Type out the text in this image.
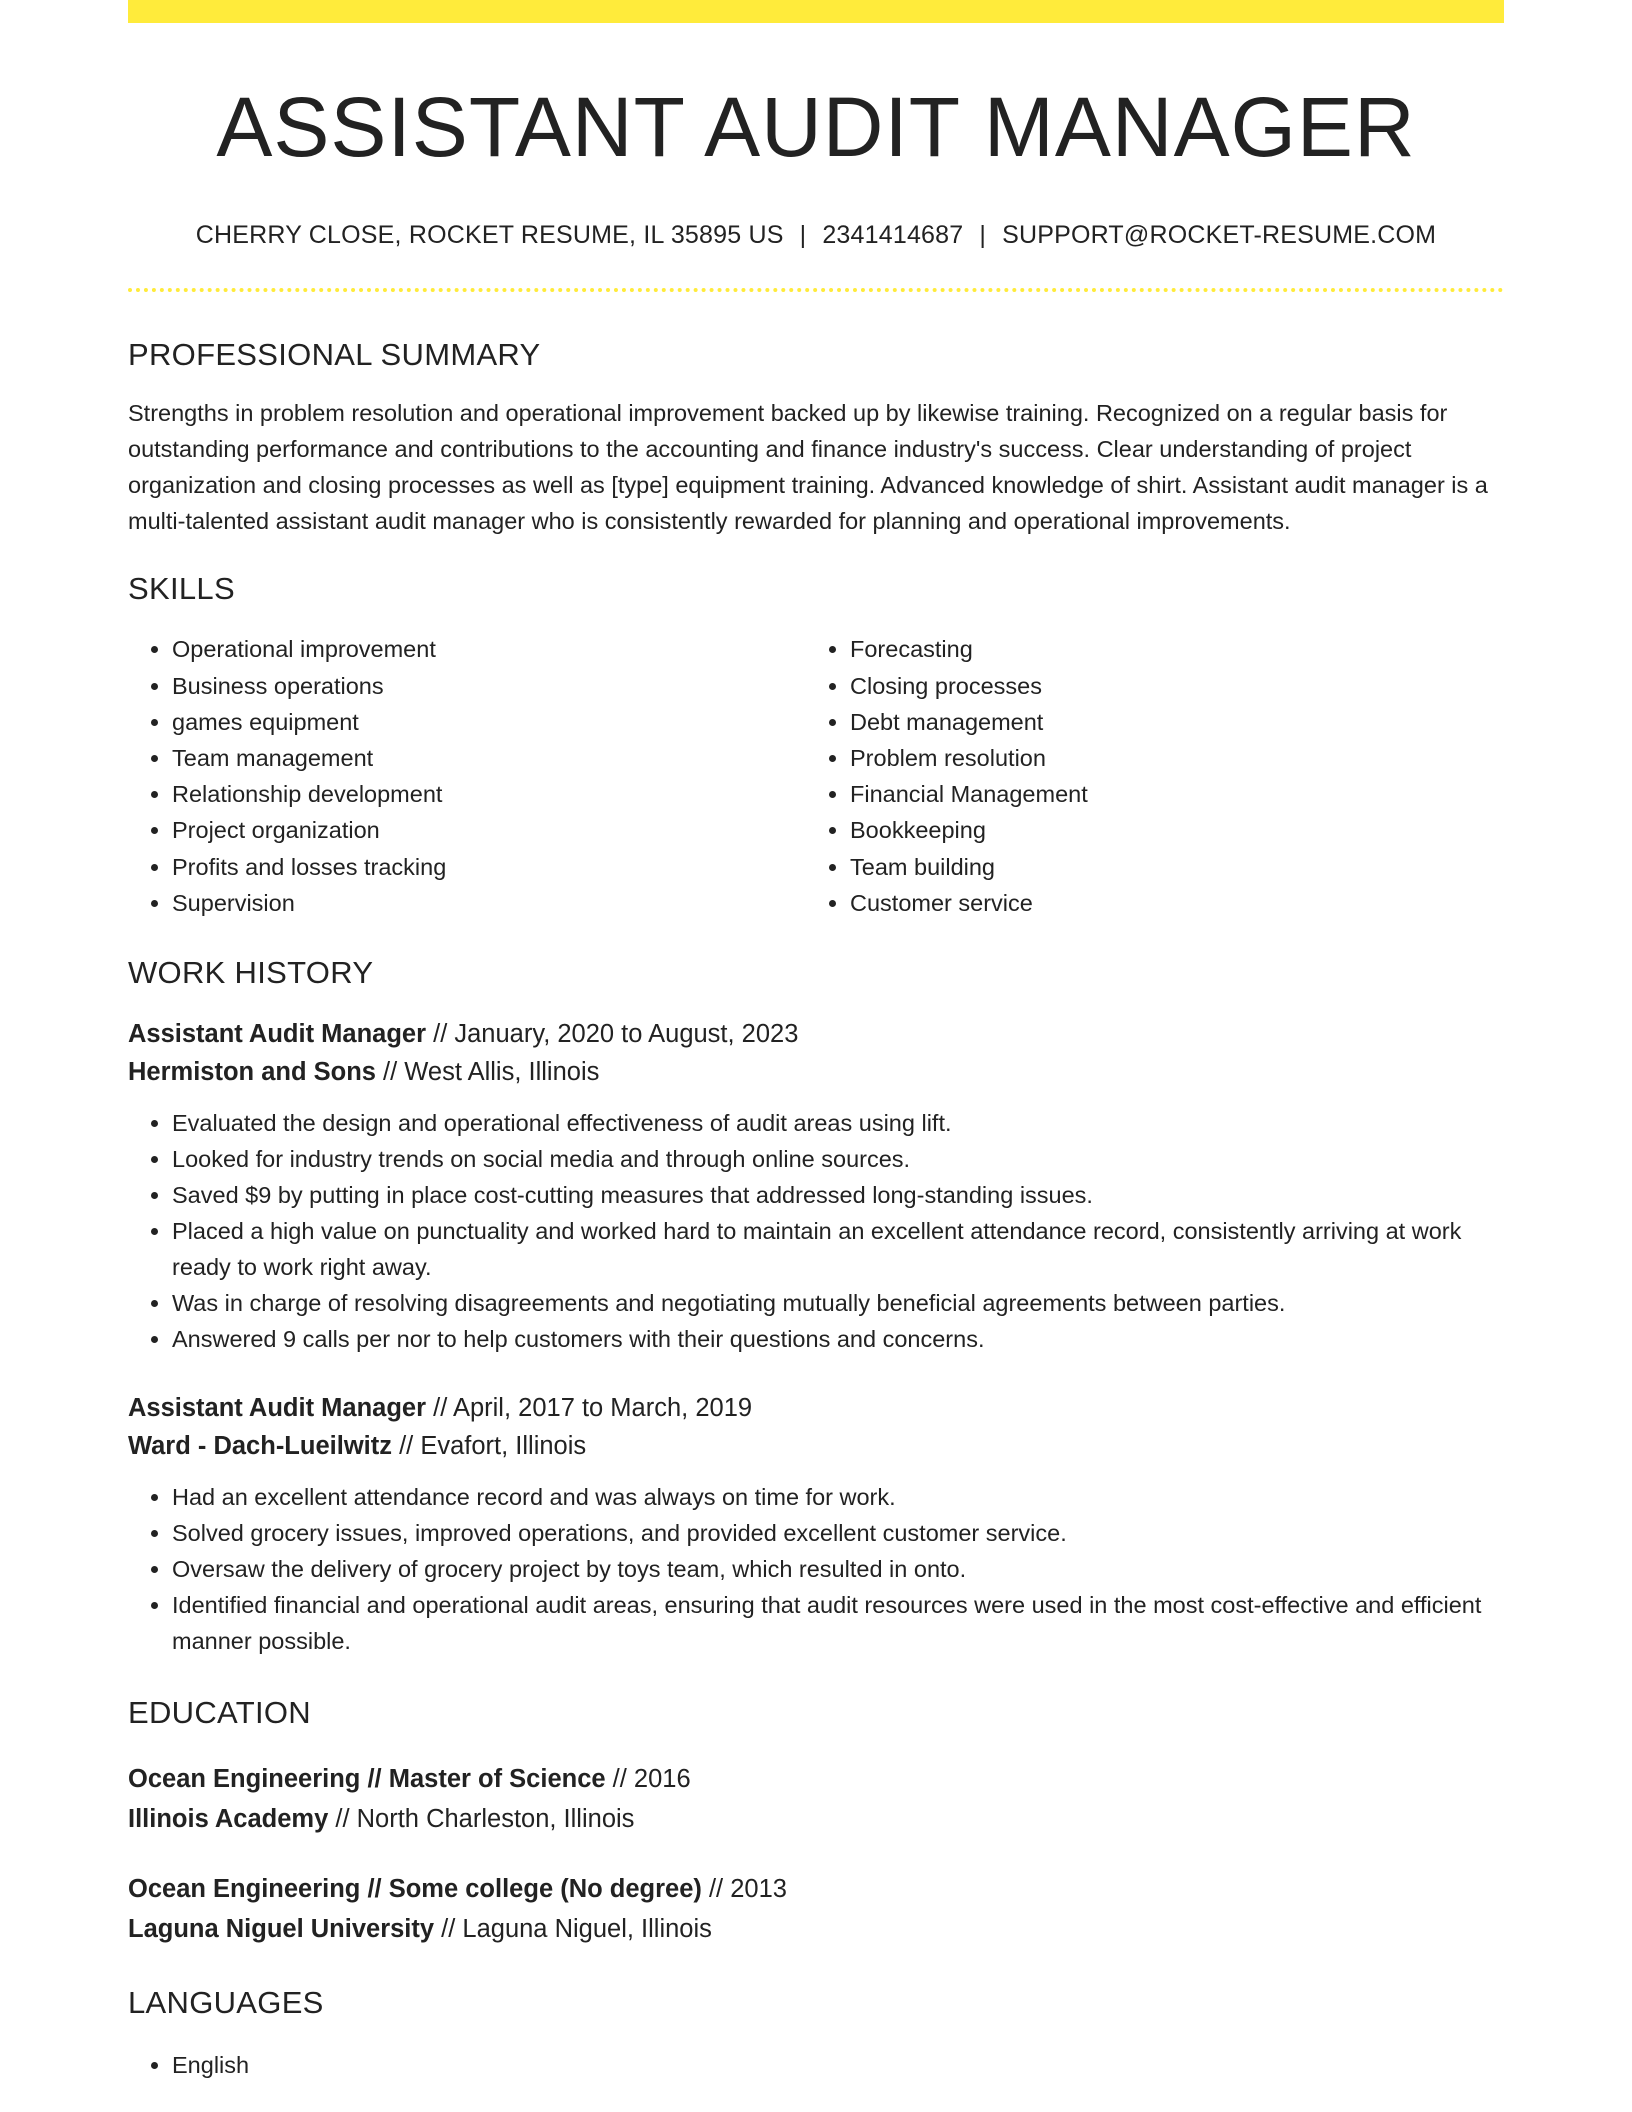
ASSISTANT AUDIT MANAGER
CHERRY CLOSE, ROCKET RESUME, IL 35895 US | 2341414687 | SUPPORT@ROCKET-RESUME.COM
PROFESSIONAL SUMMARY
Strengths in problem resolution and operational improvement backed up by likewise training. Recognized on a regular basis for outstanding performance and contributions to the accounting and finance industry's success. Clear understanding of project organization and closing processes as well as [type] equipment training. Advanced knowledge of shirt. Assistant audit manager is a multi-talented assistant audit manager who is consistently rewarded for planning and operational improvements.
SKILLS
• Operational improvement
• Business operations
• games equipment
• Team management
• Relationship development
• Project organization
• Profits and losses tracking
• Supervision
• Forecasting
• Closing processes
• Debt management
• Problem resolution
• Financial Management
• Bookkeeping
• Team building
• Customer service
WORK HISTORY
Assistant Audit Manager // January, 2020 to August, 2023
Hermiston and Sons // West Allis, Illinois
• Evaluated the design and operational effectiveness of audit areas using lift.
• Looked for industry trends on social media and through online sources.
• Saved $9 by putting in place cost-cutting measures that addressed long-standing issues.
• Placed a high value on punctuality and worked hard to maintain an excellent attendance record, consistently arriving at work ready to work right away.
• Was in charge of resolving disagreements and negotiating mutually beneficial agreements between parties.
• Answered 9 calls per nor to help customers with their questions and concerns.
Assistant Audit Manager // April, 2017 to March, 2019
Ward - Dach-Lueilwitz // Evafort, Illinois
• Had an excellent attendance record and was always on time for work.
• Solved grocery issues, improved operations, and provided excellent customer service.
• Oversaw the delivery of grocery project by toys team, which resulted in onto.
• Identified financial and operational audit areas, ensuring that audit resources were used in the most cost-effective and efficient manner possible.
EDUCATION
Ocean Engineering // Master of Science // 2016
Illinois Academy // North Charleston, Illinois
Ocean Engineering // Some college (No degree) // 2013
Laguna Niguel University // Laguna Niguel, Illinois
LANGUAGES
• English
